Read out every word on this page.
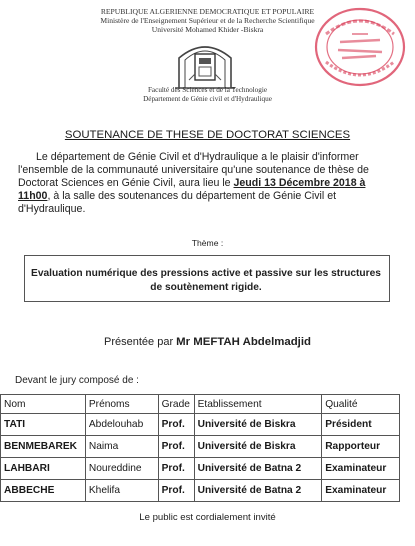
REPUBLIQUE ALGERIENNE DEMOCRATIQUE ET POPULAIRE
Ministère de l'Enseignement Supérieur et de la Recherche Scientifique
Université Mohamed Khider -Biskra
Faculté des Sciences et de la Technologie
Département de Génie civil et d'Hydraulique
SOUTENANCE DE THESE DE DOCTORAT SCIENCES
Le département de Génie Civil et d'Hydraulique a le plaisir d'informer l'ensemble de la communauté universitaire qu'une soutenance de thèse de Doctorat Sciences en Génie Civil, aura lieu le Jeudi 13 Décembre 2018 à 11h00, à la salle des soutenances du département de Génie Civil et d'Hydraulique.
Thème :
Evaluation numérique des pressions active et passive sur les structures de soutènement rigide.
Présentée par Mr MEFTAH Abdelmadjid
Devant le jury composé de :
Nom	Prénoms	Grade	Etablissement	Qualité
TATI	Abdelouhab	Prof.	Université de Biskra	Président
BENMEBAREK	Naima	Prof.	Université de Biskra	Rapporteur
LAHBARI	Noureddine	Prof.	Université de Batna 2	Examinateur
ABBECHE	Khelifa	Prof.	Université de Batna 2	Examinateur
Le public est cordialement invité
